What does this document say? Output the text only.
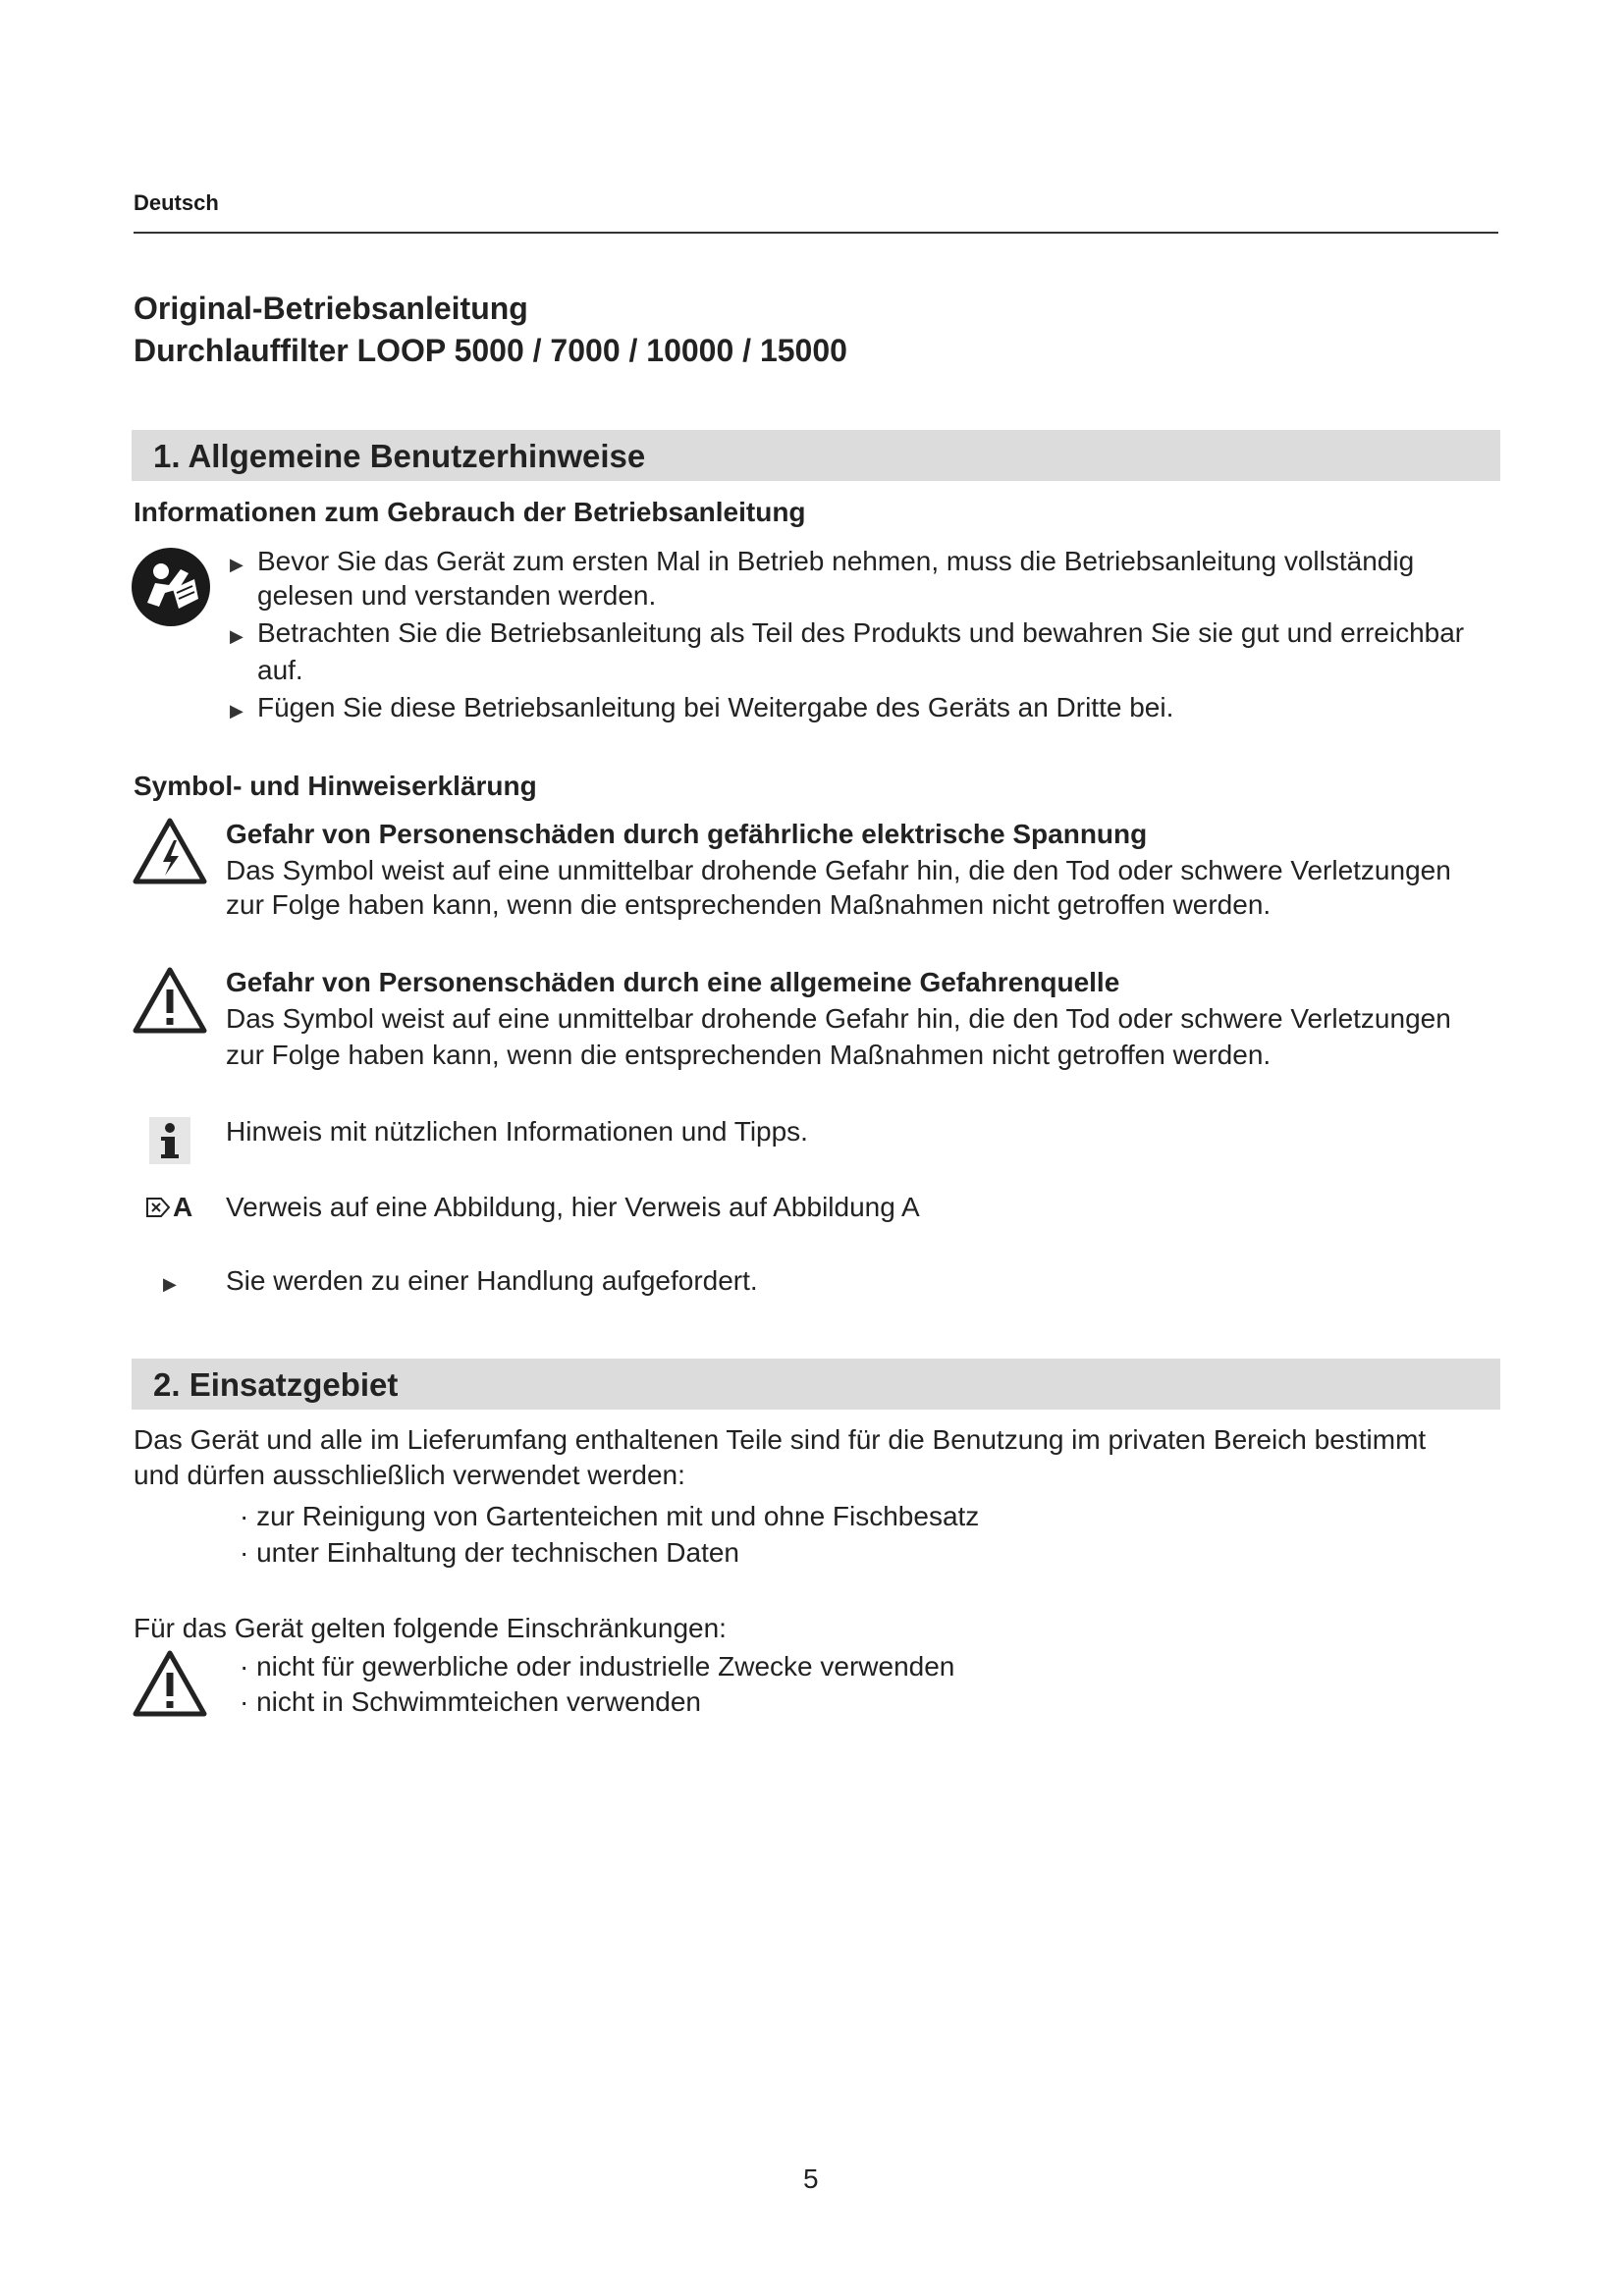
Deutsch
Original-Betriebsanleitung
Durchlauffilter LOOP 5000 / 7000 / 10000 / 15000
1. Allgemeine Benutzerhinweise
Informationen zum Gebrauch der Betriebsanleitung
▶ Bevor Sie das Gerät zum ersten Mal in Betrieb nehmen, muss die Betriebsanleitung vollständig
gelesen und verstanden werden.
▶ Betrachten Sie die Betriebsanleitung als Teil des Produkts und bewahren Sie sie gut und erreichbar
auf.
▶ Fügen Sie diese Betriebsanleitung bei Weitergabe des Geräts an Dritte bei.
Symbol- und Hinweiserklärung
Gefahr von Personenschäden durch gefährliche elektrische Spannung
Das Symbol weist auf eine unmittelbar drohende Gefahr hin, die den Tod oder schwere Verletzungen
zur Folge haben kann, wenn die entsprechenden Maßnahmen nicht getroffen werden.
Gefahr von Personenschäden durch eine allgemeine Gefahrenquelle
Das Symbol weist auf eine unmittelbar drohende Gefahr hin, die den Tod oder schwere Verletzungen
zur Folge haben kann, wenn die entsprechenden Maßnahmen nicht getroffen werden.
Hinweis mit nützlichen Informationen und Tipps.
A Verweis auf eine Abbildung, hier Verweis auf Abbildung A
▶ Sie werden zu einer Handlung aufgefordert.
2. Einsatzgebiet
Das Gerät und alle im Lieferumfang enthaltenen Teile sind für die Benutzung im privaten Bereich bestimmt
und dürfen ausschließlich verwendet werden:
· zur Reinigung von Gartenteichen mit und ohne Fischbesatz
· unter Einhaltung der technischen Daten
Für das Gerät gelten folgende Einschränkungen:
· nicht für gewerbliche oder industrielle Zwecke verwenden
· nicht in Schwimmteichen verwenden
5
